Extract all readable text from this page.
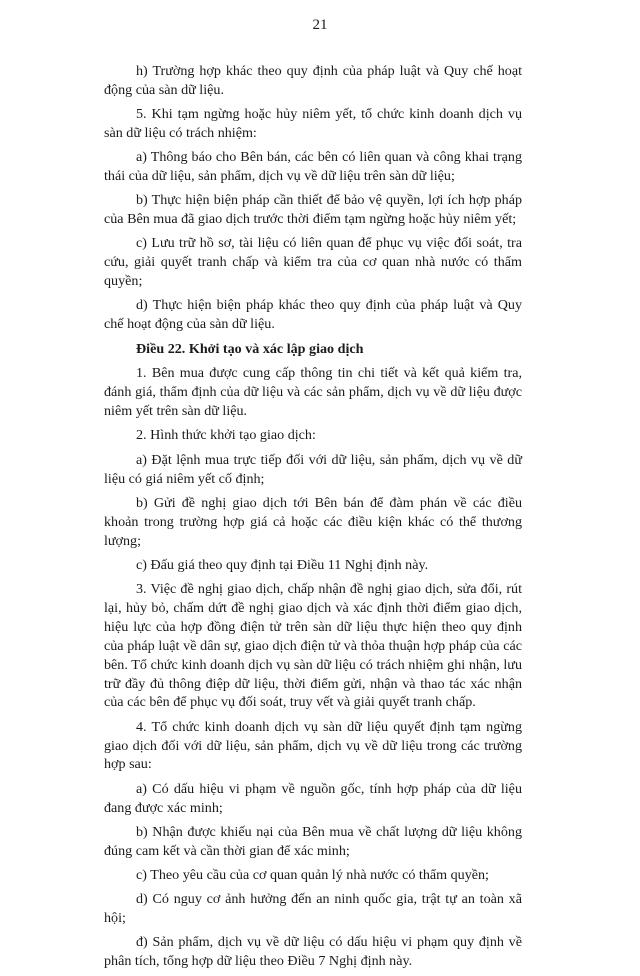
21

h) Trường hợp khác theo quy định của pháp luật và Quy chế hoạt động của sàn dữ liệu.

5. Khi tạm ngừng hoặc hủy niêm yết, tổ chức kinh doanh dịch vụ sàn dữ liệu có trách nhiệm:

a) Thông báo cho Bên bán, các bên có liên quan và công khai trạng thái của dữ liệu, sản phẩm, dịch vụ về dữ liệu trên sàn dữ liệu;

b) Thực hiện biện pháp cần thiết để bảo vệ quyền, lợi ích hợp pháp của Bên mua đã giao dịch trước thời điểm tạm ngừng hoặc hủy niêm yết;

c) Lưu trữ hồ sơ, tài liệu có liên quan để phục vụ việc đối soát, tra cứu, giải quyết tranh chấp và kiểm tra của cơ quan nhà nước có thẩm quyền;

d) Thực hiện biện pháp khác theo quy định của pháp luật và Quy chế hoạt động của sàn dữ liệu.

Điều 22. Khởi tạo và xác lập giao dịch

1. Bên mua được cung cấp thông tin chi tiết và kết quả kiểm tra, đánh giá, thẩm định của dữ liệu và các sản phẩm, dịch vụ về dữ liệu được niêm yết trên sàn dữ liệu.

2. Hình thức khởi tạo giao dịch:

a) Đặt lệnh mua trực tiếp đối với dữ liệu, sản phẩm, dịch vụ về dữ liệu có giá niêm yết cố định;

b) Gửi đề nghị giao dịch tới Bên bán để đàm phán về các điều khoản trong trường hợp giá cả hoặc các điều kiện khác có thể thương lượng;

c) Đấu giá theo quy định tại Điều 11 Nghị định này.

3. Việc đề nghị giao dịch, chấp nhận đề nghị giao dịch, sửa đổi, rút lại, hủy bỏ, chấm dứt đề nghị giao dịch và xác định thời điểm giao dịch, hiệu lực của hợp đồng điện tử trên sàn dữ liệu thực hiện theo quy định của pháp luật về dân sự, giao dịch điện tử và thỏa thuận hợp pháp của các bên. Tổ chức kinh doanh dịch vụ sàn dữ liệu có trách nhiệm ghi nhận, lưu trữ đầy đủ thông điệp dữ liệu, thời điểm gửi, nhận và thao tác xác nhận của các bên để phục vụ đối soát, truy vết và giải quyết tranh chấp.

4. Tổ chức kinh doanh dịch vụ sàn dữ liệu quyết định tạm ngừng giao dịch đối với dữ liệu, sản phẩm, dịch vụ về dữ liệu trong các trường hợp sau:

a) Có dấu hiệu vi phạm về nguồn gốc, tính hợp pháp của dữ liệu đang được xác minh;

b) Nhận được khiếu nại của Bên mua về chất lượng dữ liệu không đúng cam kết và cần thời gian để xác minh;

c) Theo yêu cầu của cơ quan quản lý nhà nước có thẩm quyền;

d) Có nguy cơ ảnh hưởng đến an ninh quốc gia, trật tự an toàn xã hội;

đ) Sản phẩm, dịch vụ về dữ liệu có dấu hiệu vi phạm quy định về phân tích, tổng hợp dữ liệu theo Điều 7 Nghị định này.
